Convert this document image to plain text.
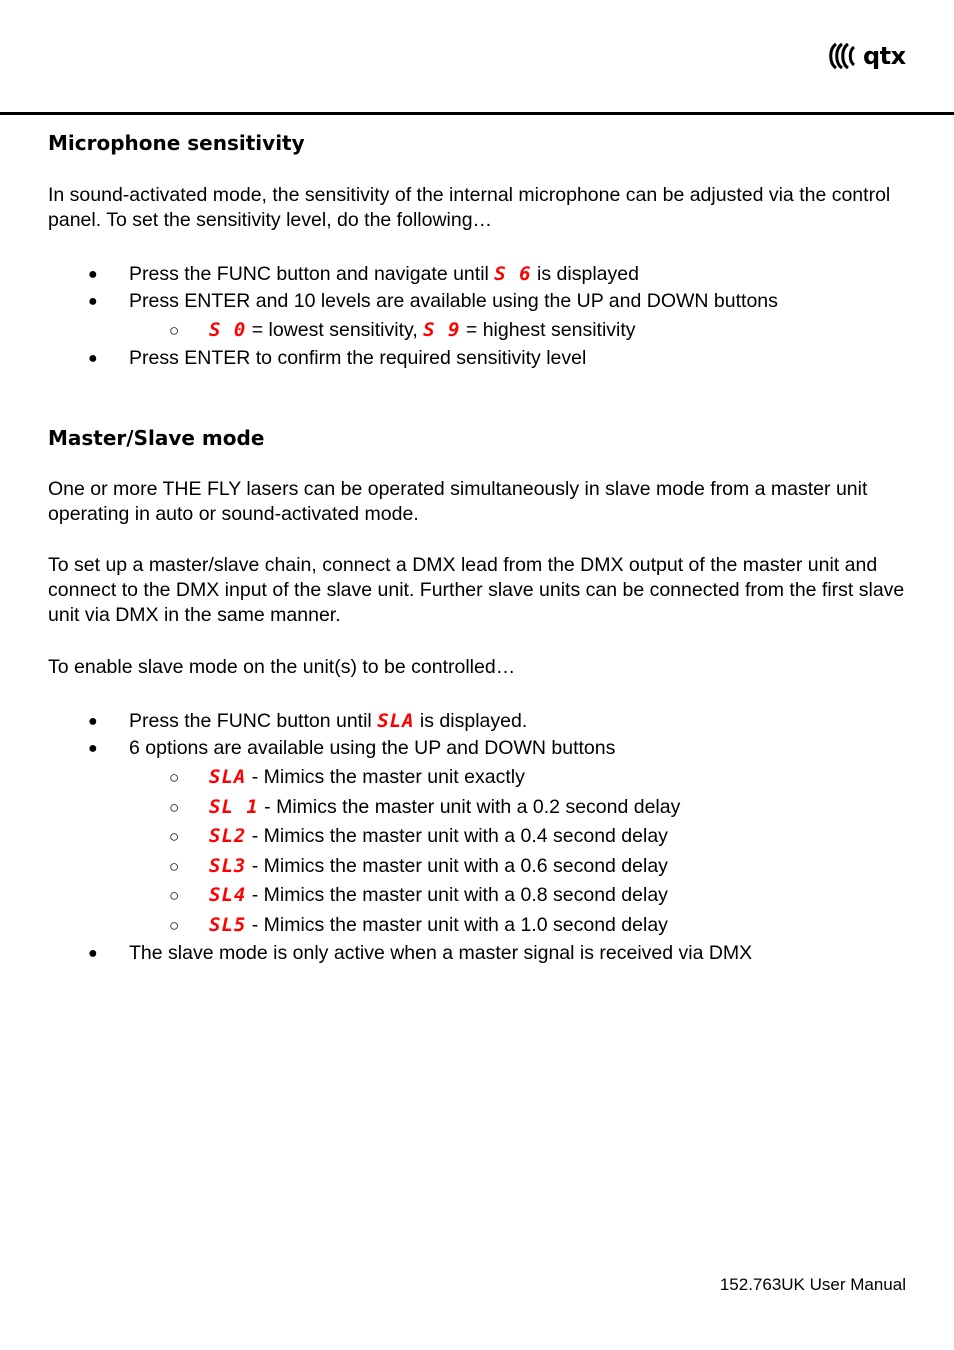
qtx
Microphone sensitivity

In sound-activated mode, the sensitivity of the internal microphone can be adjusted via the control panel. To set the sensitivity level, do the following…

● Press the FUNC button and navigate until S 6 is displayed
● Press ENTER and 10 levels are available using the UP and DOWN buttons
○ S 0 = lowest sensitivity, S 9 = highest sensitivity
● Press ENTER to confirm the required sensitivity level
Master/Slave mode

One or more THE FLY lasers can be operated simultaneously in slave mode from a master unit operating in auto or sound-activated mode.

To set up a master/slave chain, connect a DMX lead from the DMX output of the master unit and connect to the DMX input of the slave unit. Further slave units can be connected from the first slave unit via DMX in the same manner.

To enable slave mode on the unit(s) to be controlled…

● Press the FUNC button until SLA is displayed.
● 6 options are available using the UP and DOWN buttons
○ SLA - Mimics the master unit exactly
○ SL 1 - Mimics the master unit with a 0.2 second delay
○ SL2 - Mimics the master unit with a 0.4 second delay
○ SL3 - Mimics the master unit with a 0.6 second delay
○ SL4 - Mimics the master unit with a 0.8 second delay
○ SL5 - Mimics the master unit with a 1.0 second delay
● The slave mode is only active when a master signal is received via DMX
152.763UK User Manual
